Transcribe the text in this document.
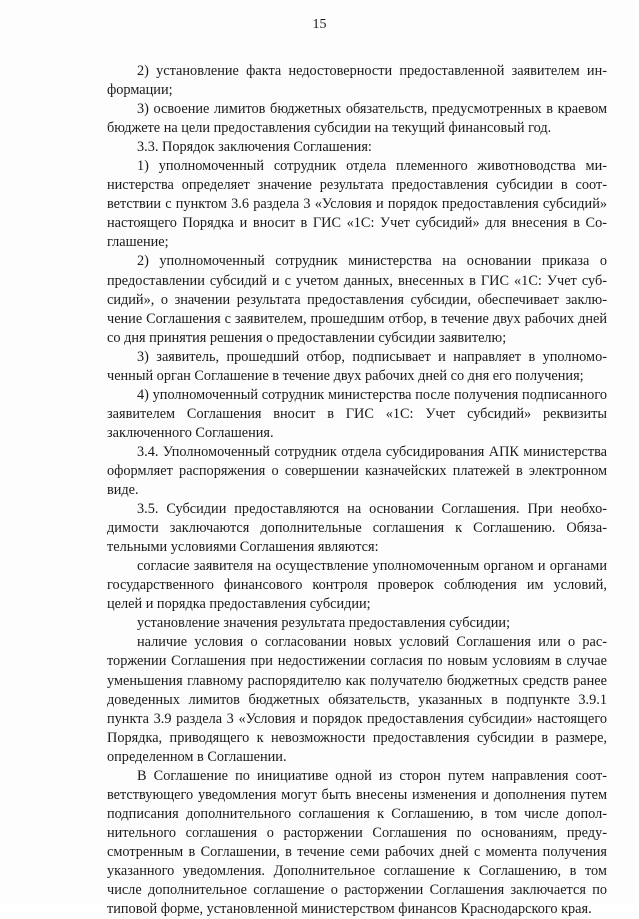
15

2) установление факта недостоверности предоставленной заявителем информации;

3) освоение лимитов бюджетных обязательств, предусмотренных в краевом бюджете на цели предоставления субсидии на текущий финансовый год.

3.3. Порядок заключения Соглашения:

1) уполномоченный сотрудник отдела племенного животноводства министерства определяет значение результата предоставления субсидии в соответствии с пунктом 3.6 раздела 3 «Условия и порядок предоставления субсидий» настоящего Порядка и вносит в ГИС «1С: Учет субсидий» для внесения в Соглашение;

2) уполномоченный сотрудник министерства на основании приказа о предоставлении субсидий и с учетом данных, внесенных в ГИС «1С: Учет субсидий», о значении результата предоставления субсидии, обеспечивает заключение Соглашения с заявителем, прошедшим отбор, в течение двух рабочих дней со дня принятия решения о предоставлении субсидии заявителю;

3) заявитель, прошедший отбор, подписывает и направляет в уполномоченный орган Соглашение в течение двух рабочих дней со дня его получения;

4) уполномоченный сотрудник министерства после получения подписанного заявителем Соглашения вносит в ГИС «1С: Учет субсидий» реквизиты заключенного Соглашения.

3.4. Уполномоченный сотрудник отдела субсидирования АПК министерства оформляет распоряжения о совершении казначейских платежей в электронном виде.

3.5. Субсидии предоставляются на основании Соглашения. При необходимости заключаются дополнительные соглашения к Соглашению. Обязательными условиями Соглашения являются:

согласие заявителя на осуществление уполномоченным органом и органами государственного финансового контроля проверок соблюдения им условий, целей и порядка предоставления субсидии;

установление значения результата предоставления субсидии;

наличие условия о согласовании новых условий Соглашения или о расторжении Соглашения при недостижении согласия по новым условиям в случае уменьшения главному распорядителю как получателю бюджетных средств ранее доведенных лимитов бюджетных обязательств, указанных в подпункте 3.9.1 пункта 3.9 раздела 3 «Условия и порядок предоставления субсидии» настоящего Порядка, приводящего к невозможности предоставления субсидии в размере, определенном в Соглашении.

В Соглашение по инициативе одной из сторон путем направления соответствующего уведомления могут быть внесены изменения и дополнения путем подписания дополнительного соглашения к Соглашению, в том числе дополнительного соглашения о расторжении Соглашения по основаниям, предусмотренным в Соглашении, в течение семи рабочих дней с момента получения указанного уведомления. Дополнительное соглашение к Соглашению, в том числе дополнительное соглашение о расторжении Соглашения заключается по типовой форме, установленной министерством финансов Краснодарского края.
